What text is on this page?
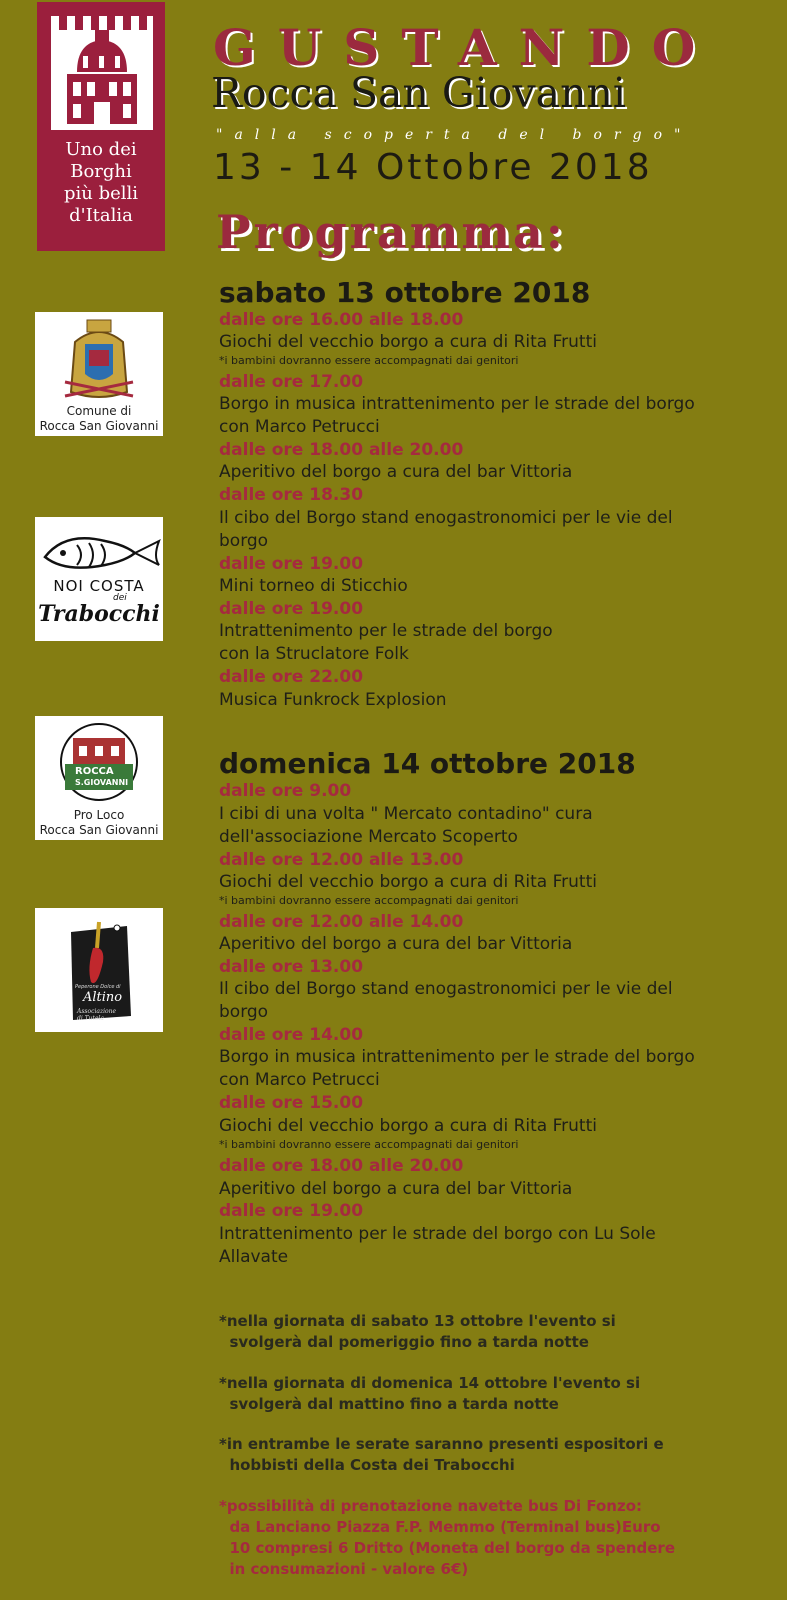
Uno dei
Borghi
più belli
d'Italia
GUSTANDO
Rocca San Giovanni
"alla scoperta del borgo"
13 - 14 Ottobre 2018
Programma:
Comune di
Rocca San Giovanni
NOI COSTA
dei
Trabocchi
ROCCA
S.GIOVANNI
Pro Loco
Rocca San Giovanni
Peperone Dolce di
Altino
Associazione
di Tutela
sabato 13 ottobre 2018
dalle ore 16.00 alle 18.00
Giochi del vecchio borgo a cura di Rita Frutti
*i bambini dovranno essere accompagnati dai genitori
dalle ore 17.00
Borgo in musica intrattenimento per le strade del borgo
con Marco Petrucci
dalle ore 18.00 alle 20.00
Aperitivo del borgo a cura del bar Vittoria
dalle ore 18.30
Il cibo del Borgo stand enogastronomici per le vie del
borgo
dalle ore 19.00
Mini torneo di Sticchio
dalle ore 19.00
Intrattenimento per le strade del borgo
con la Struclatore Folk
dalle ore 22.00
Musica Funkrock Explosion
domenica 14 ottobre 2018
dalle ore 9.00
I cibi di una volta " Mercato contadino" cura
dell'associazione Mercato Scoperto
dalle ore 12.00 alle 13.00
Giochi del vecchio borgo a cura di Rita Frutti
*i bambini dovranno essere accompagnati dai genitori
dalle ore 12.00 alle 14.00
Aperitivo del borgo a cura del bar Vittoria
dalle ore 13.00
Il cibo del Borgo stand enogastronomici per le vie del
borgo
dalle ore 14.00
Borgo in musica intrattenimento per le strade del borgo
con Marco Petrucci
dalle ore 15.00
Giochi del vecchio borgo a cura di Rita Frutti
*i bambini dovranno essere accompagnati dai genitori
dalle ore 18.00 alle 20.00
Aperitivo del borgo a cura del bar Vittoria
dalle ore 19.00
Intrattenimento per le strade del borgo con Lu Sole
Allavate
*nella giornata di sabato 13 ottobre l'evento si
svolgerà dal pomeriggio fino a tarda notte
*nella giornata di domenica 14 ottobre l'evento si
svolgerà dal mattino fino a tarda notte
*in entrambe le serate saranno presenti espositori e
hobbisti della Costa dei Trabocchi
*possibilità di prenotazione navette bus Di Fonzo:
da Lanciano Piazza F.P. Memmo (Terminal bus)Euro
10 compresi 6 Dritto (Moneta del borgo da spendere
in consumazioni - valore 6€)
